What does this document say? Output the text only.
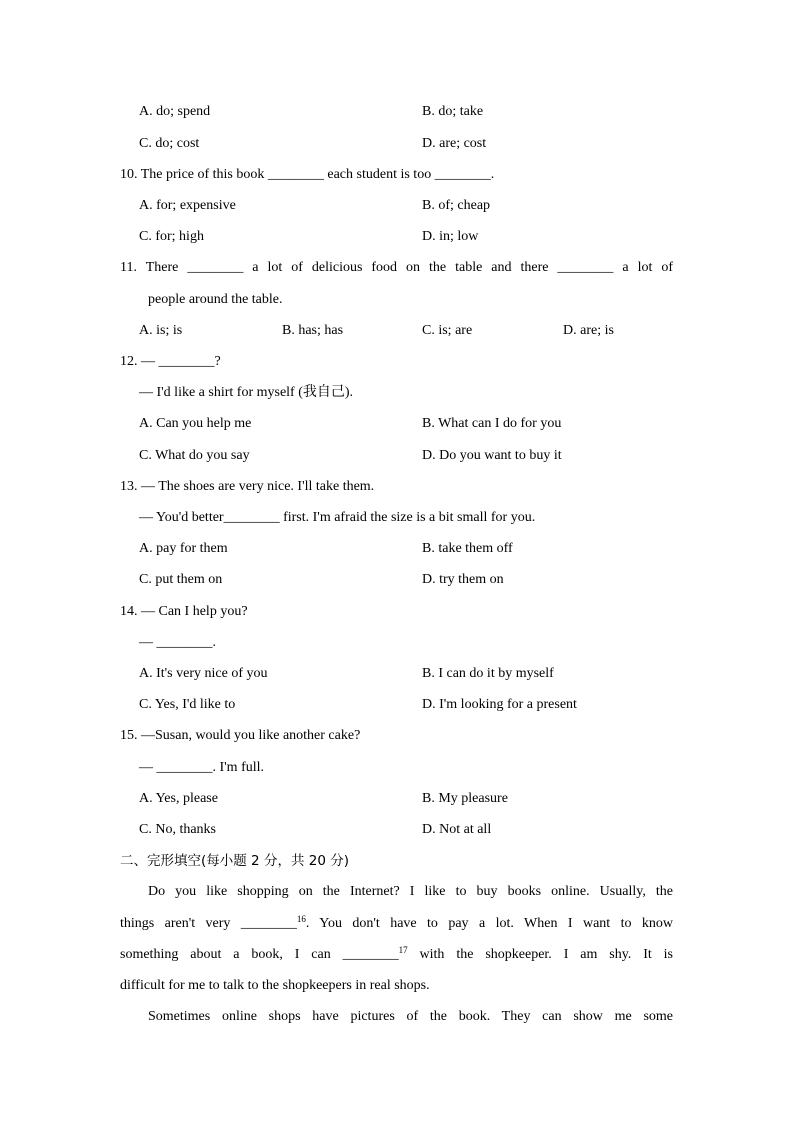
A. do; spend	B. do; take
C. do; cost	D. are; cost
10. The price of this book ________ each student is too ________.
A. for; expensive	B. of; cheap
C. for; high	D. in; low
11. There ________ a lot of delicious food on the table and there ________ a lot of
people around the table.
A. is; is	B. has; has	C. is; are	D. are; is
12. — ________?
— I'd like a shirt for myself (我自己).
A. Can you help me	B. What can I do for you
C. What do you say	D. Do you want to buy it
13. — The shoes are very nice. I'll take them.
— You'd better________ first. I'm afraid the size is a bit small for you.
A. pay for them	B. take them off
C. put them on	D. try them on
14. — Can I help you?
— ________.
A. It's very nice of you	B. I can do it by myself
C. Yes, I'd like to	D. I'm looking for a present
15. —Susan, would you like another cake?
— ________. I'm full.
A. Yes, please	B. My pleasure
C. No, thanks	D. Not at all
二、完形填空(每小题 2 分，共 20 分)
Do you like shopping on the Internet? I like to buy books online. Usually, the
things aren't very ________$^{16}$. You don't have to pay a lot. When I want to know
something about a book, I can ________$^{17}$ with the shopkeeper. I am shy. It is
difficult for me to talk to the shopkeepers in real shops.
Sometimes online shops have pictures of the book. They can show me some
